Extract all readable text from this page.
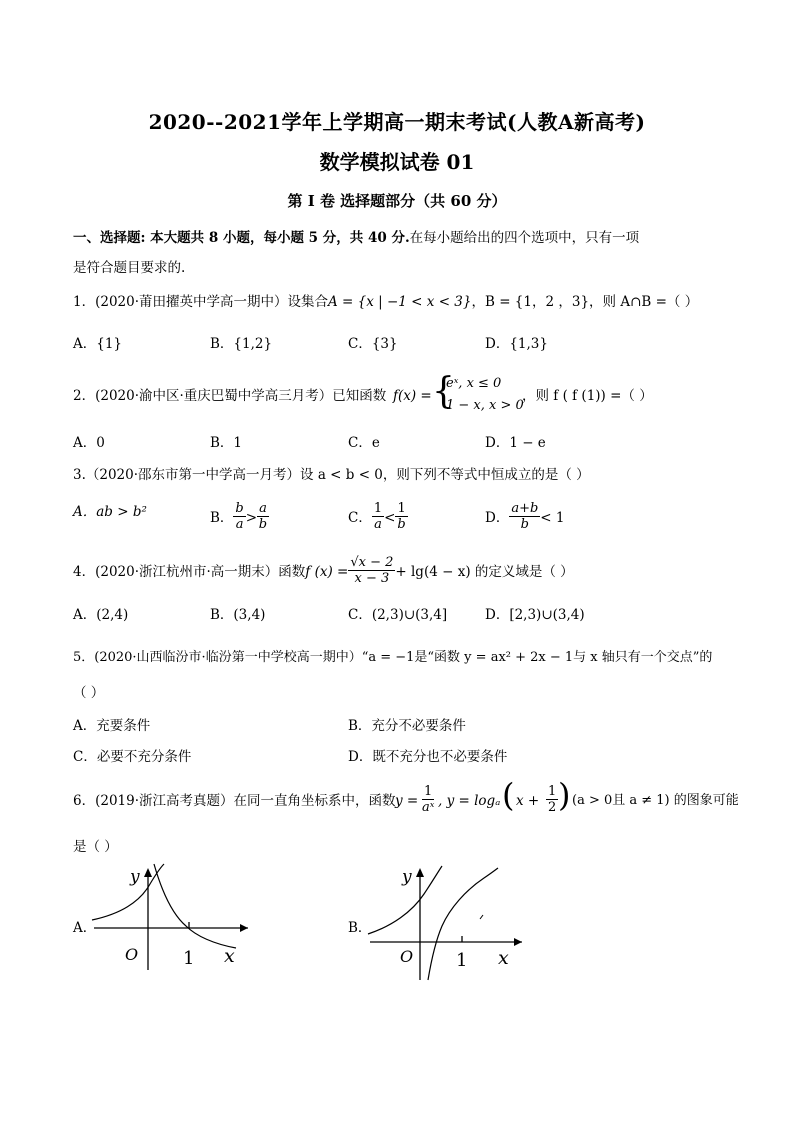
2020--2021学年上学期高一期末考试(人教A新高考)
数学模拟试卷 01
第 I 卷 选择题部分（共 60 分）
一、选择题: 本大题共 8 小题，每小题 5 分，共 40 分.在每小题给出的四个选项中，只有一项
是符合题目要求的.
1．(2020·莆田擢英中学高一期中）设集合A = {x | −1 < x < 3}，B = {1，2 ，3}，则 A∩B =（ ）
A．{1}	B．{1,2}	C．{3}	D．{1,3}
2．(2020·渝中区·重庆巴蜀中学高三月考）已知函数 f(x) = {
eˣ, x ≤ 0
1 − x, x > 0
，则 f ( f (1)) =（ ）
A．0	B．1	C．e	D．1 − e
3.（2020·邵东市第一中学高一月考）设 a < b < 0，则下列不等式中恒成立的是（ ）
A．ab > b²	B． $\frac{b}{a} > \frac{a}{b}$	C． $\frac{1}{a} < \frac{1}{b}$	D． $\frac{a+b}{b} < 1$
4．(2020·浙江杭州市·高一期末）函数f $(x) = \frac{√x - 2}{x - 3} + \lg(4 - x)$ 的定义域是（ ）
A．(2,4)	B．(3,4)	C．(2,3)∪(3,4]	D．[2,3)∪(3,4)
5．(2020·山西临汾市·临汾第一中学校高一期中）“a = −1是“函数 y = ax² + 2x − 1与 x 轴只有一个交点”的
（ ）
A．充要条件	B．充分不必要条件
C．必要不充分条件	D．既不充分也不必要条件
6．(2019·浙江高考真题）在同一直角坐标系中，函数 $y = \frac{1}{\text{aˣ}}$ , y = logₐ ( $x + \frac{1}{2}$ ) (a > 0且 a ≠ 1) 的图象可能
是（ ）
A．
y
O 1 x
B．
y
O 1 x
